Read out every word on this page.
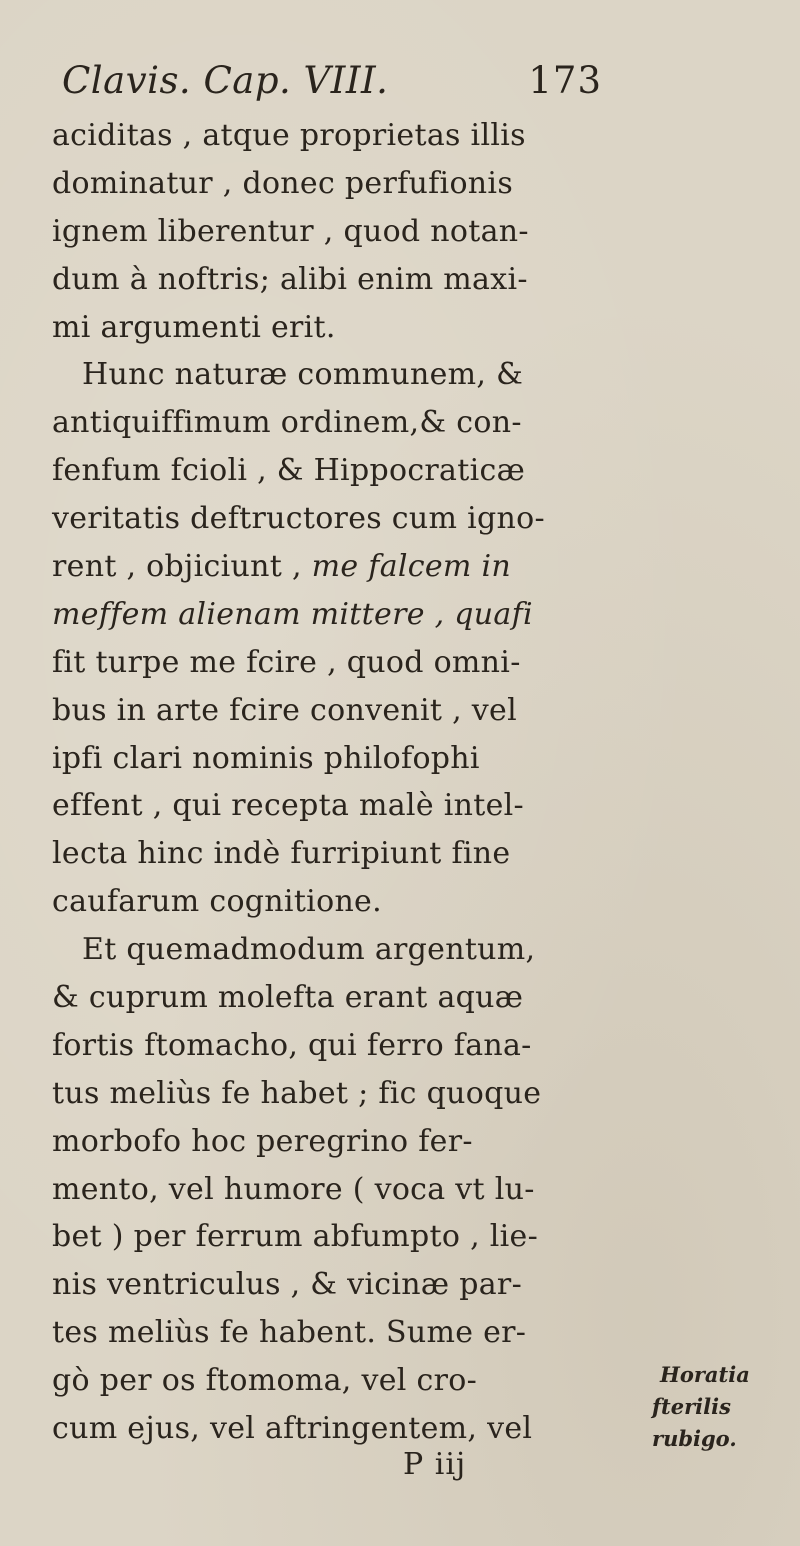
Clavis. Cap. VIII.	173
aciditas , atque proprietas illis
dominatur , donec perfufionis
ignem liberentur , quod notan-
dum à noftris; alibi enim maxi-
mi argumenti erit.
Hunc naturæ communem, &
antiquiffimum ordinem,& con-
fenfum fcioli , & Hippocraticæ
veritatis deftructores cum igno-
rent , objiciunt , me falcem in
meffem alienam mittere , quafi
fit turpe me fcire , quod omni-
bus in arte fcire convenit , vel
ipfi clari nominis philofophi
effent , qui recepta malè intel-
lecta hinc indè furripiunt fine
caufarum cognitione.
Et quemadmodum argentum,
& cuprum molefta erant aquæ
fortis ftomacho, qui ferro fana-
tus meliùs fe habet ; fic quoque
morbofo hoc peregrino fer-
mento, vel humore ( voca vt lu-
bet ) per ferrum abfumpto , lie-
nis ventriculus , & vicinæ par-
tes meliùs fe habent. Sume er-
gò per os ftomoma, vel cro-
cum ejus, vel aftringentem, vel
Horatia
fterilis
rubigo.
P iij
